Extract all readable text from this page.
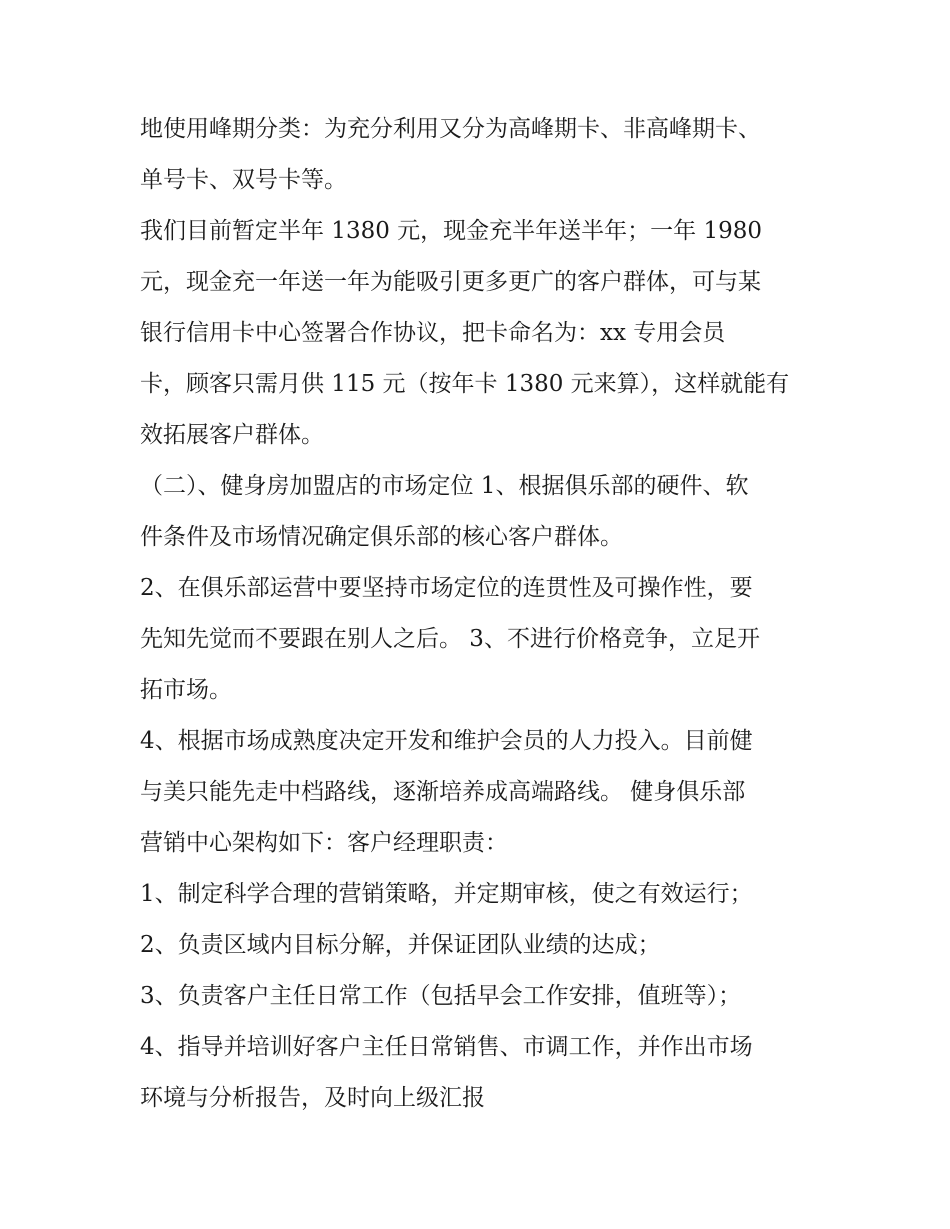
地使用峰期分类：为充分利用又分为高峰期卡、非高峰期卡、

单号卡、双号卡等。

我们目前暂定半年 1380 元，现金充半年送半年；一年 1980

元，现金充一年送一年为能吸引更多更广的客户群体，可与某

银行信用卡中心签署合作协议，把卡命名为：xx 专用会员

卡，顾客只需月供 115 元（按年卡 1380 元来算），这样就能有

效拓展客户群体。

（二）、健身房加盟店的市场定位 1、根据俱乐部的硬件、软

件条件及市场情况确定俱乐部的核心客户群体。

2、在俱乐部运营中要坚持市场定位的连贯性及可操作性，要

先知先觉而不要跟在别人之后。 3、不进行价格竞争，立足开

拓市场。

4、根据市场成熟度决定开发和维护会员的人力投入。目前健

与美只能先走中档路线，逐渐培养成高端路线。 健身俱乐部

营销中心架构如下：客户经理职责：

1、制定科学合理的营销策略，并定期审核，使之有效运行；

2、负责区域内目标分解，并保证团队业绩的达成；

3、负责客户主任日常工作（包括早会工作安排，值班等）；

4、指导并培训好客户主任日常销售、市调工作，并作出市场

环境与分析报告，及时向上级汇报
